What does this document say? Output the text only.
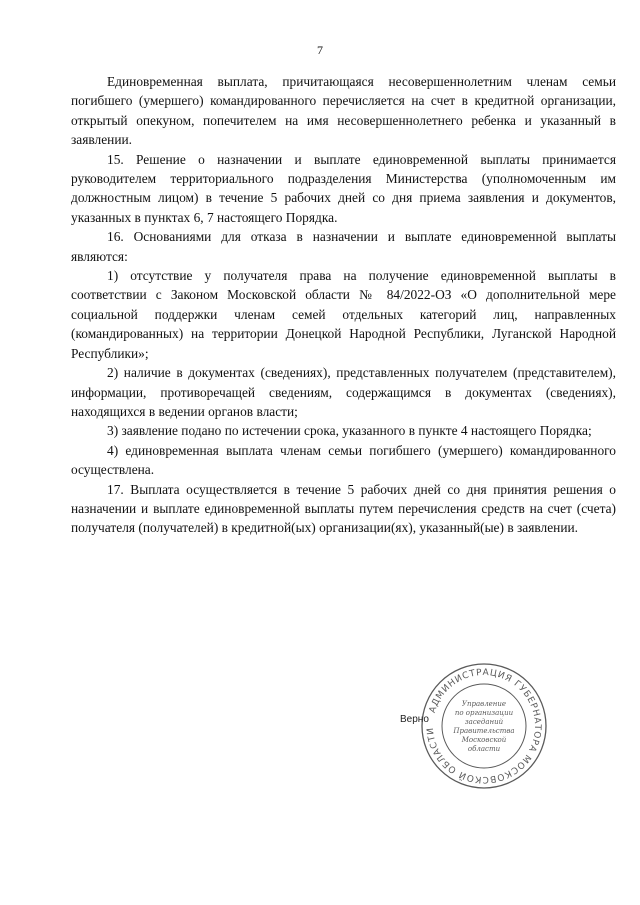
7

Единовременная выплата, причитающаяся несовершеннолетним членам семьи погибшего (умершего) командированного перечисляется на счет в кредитной организации, открытый опекуном, попечителем на имя несовершеннолетнего ребенка и указанный в заявлении.

15. Решение о назначении и выплате единовременной выплаты принимается руководителем территориального подразделения Министерства (уполномоченным им должностным лицом) в течение 5 рабочих дней со дня приема заявления и документов, указанных в пунктах 6, 7 настоящего Порядка.

16. Основаниями для отказа в назначении и выплате единовременной выплаты являются:

1) отсутствие у получателя права на получение единовременной выплаты в соответствии с Законом Московской области № 84/2022-ОЗ «О дополнительной мере социальной поддержки членам семей отдельных категорий лиц, направленных (командированных) на территории Донецкой Народной Республики, Луганской Народной Республики»;

2) наличие в документах (сведениях), представленных получателем (представителем), информации, противоречащей сведениям, содержащимся в документах (сведениях), находящихся в ведении органов власти;

3) заявление подано по истечении срока, указанного в пункте 4 настоящего Порядка;

4) единовременная выплата членам семьи погибшего (умершего) командированного осуществлена.

17. Выплата осуществляется в течение 5 рабочих дней со дня принятия решения о назначении и выплате единовременной выплаты путем перечисления средств на счет (счета) получателя (получателей) в кредитной(ых) организации(ях), указанный(ые) в заявлении.

АДМИНИСТРАЦИЯ ГУБЕРНАТОРА МОСКОВСКОЙ ОБЛАСТИ
Управление
по организации
заседаний
Правительства
Московской
области
Верно
